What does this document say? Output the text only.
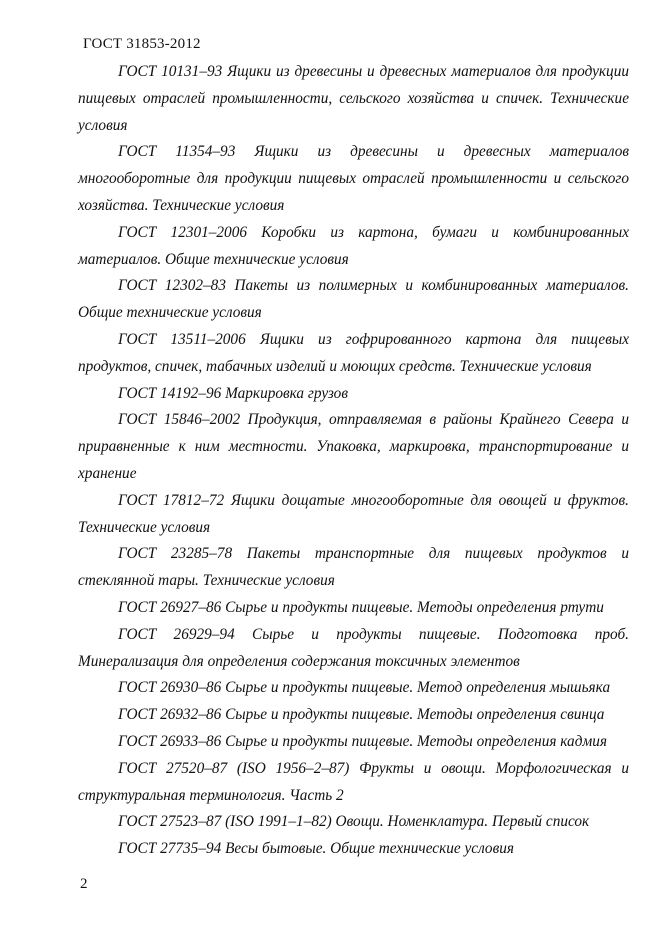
ГОСТ 31853-2012

ГОСТ 10131–93 Ящики из древесины и древесных материалов для продукции пищевых отраслей промышленности, сельского хозяйства и спичек. Технические условия

ГОСТ 11354–93 Ящики из древесины и древесных материалов многооборотные для продукции пищевых отраслей промышленности и сельского хозяйства. Технические условия

ГОСТ 12301–2006 Коробки из картона, бумаги и комбинированных материалов. Общие технические условия

ГОСТ 12302–83 Пакеты из полимерных и комбинированных материалов. Общие технические условия

ГОСТ 13511–2006 Ящики из гофрированного картона для пищевых продуктов, спичек, табачных изделий и моющих средств. Технические условия

ГОСТ 14192–96 Маркировка грузов

ГОСТ 15846–2002 Продукция, отправляемая в районы Крайнего Севера и приравненные к ним местности. Упаковка, маркировка, транспортирование и хранение

ГОСТ 17812–72 Ящики дощатые многооборотные для овощей и фруктов. Технические условия

ГОСТ 23285–78 Пакеты транспортные для пищевых продуктов и стеклянной тары. Технические условия

ГОСТ 26927–86 Сырье и продукты пищевые. Методы определения ртути

ГОСТ 26929–94 Сырье и продукты пищевые. Подготовка проб. Минерализация для определения содержания токсичных элементов

ГОСТ 26930–86 Сырье и продукты пищевые. Метод определения мышьяка

ГОСТ 26932–86 Сырье и продукты пищевые. Методы определения свинца

ГОСТ 26933–86 Сырье и продукты пищевые. Методы определения кадмия

ГОСТ 27520–87 (ISO 1956–2–87) Фрукты и овощи. Морфологическая и структуральная терминология. Часть 2

ГОСТ 27523–87 (ISO 1991–1–82) Овощи. Номенклатура. Первый список

ГОСТ 27735–94 Весы бытовые. Общие технические условия

2
